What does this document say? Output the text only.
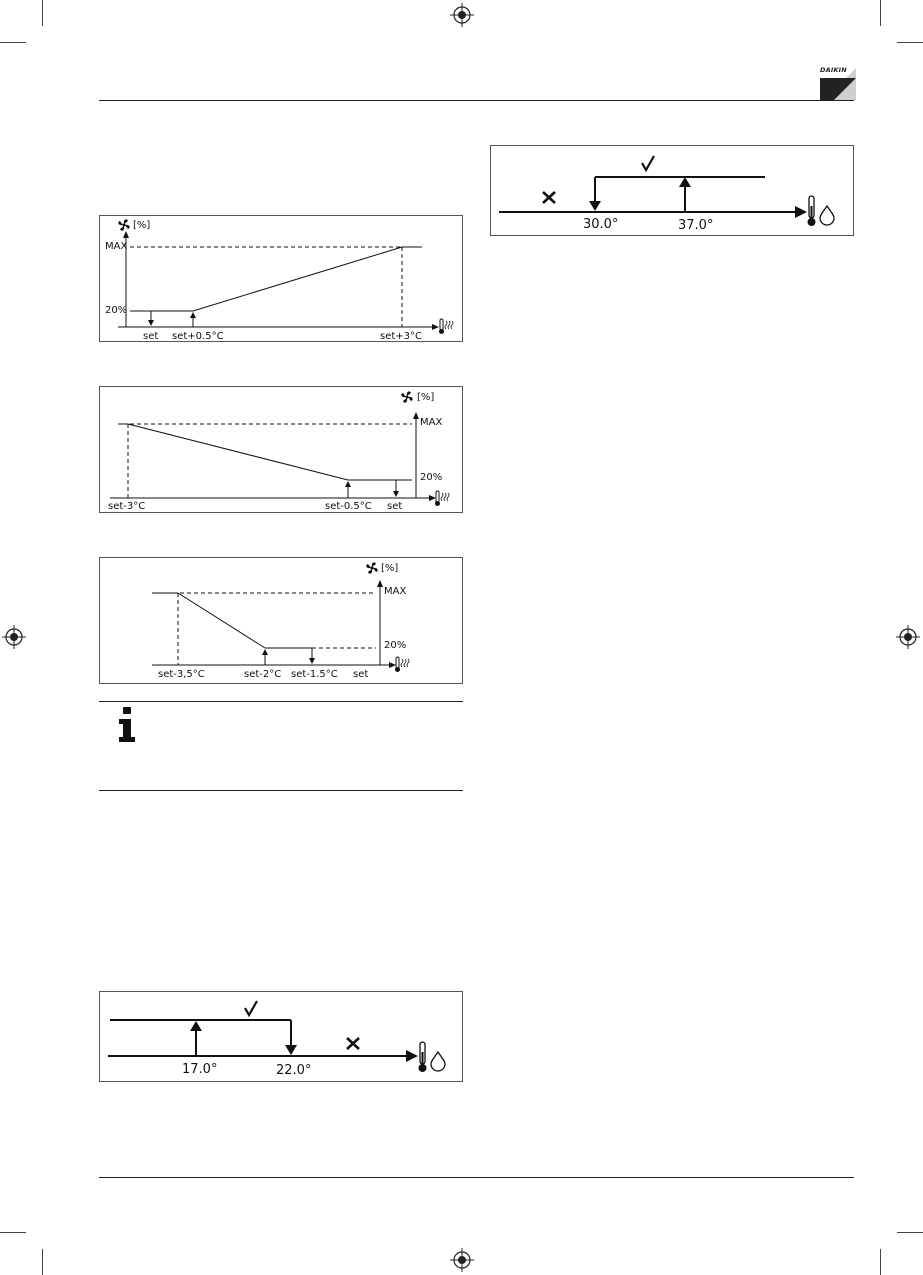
DAIKIN
[%]
MAX
20%
set set+0.5°C	set+3°C
[%]
MAX
20%
set-3°C	set-0.5°C set
[%]
MAX
20%
set-3,5°C	set-2°C set-1.5°C set
17.0°	22.0°
30.0°	37.0°
